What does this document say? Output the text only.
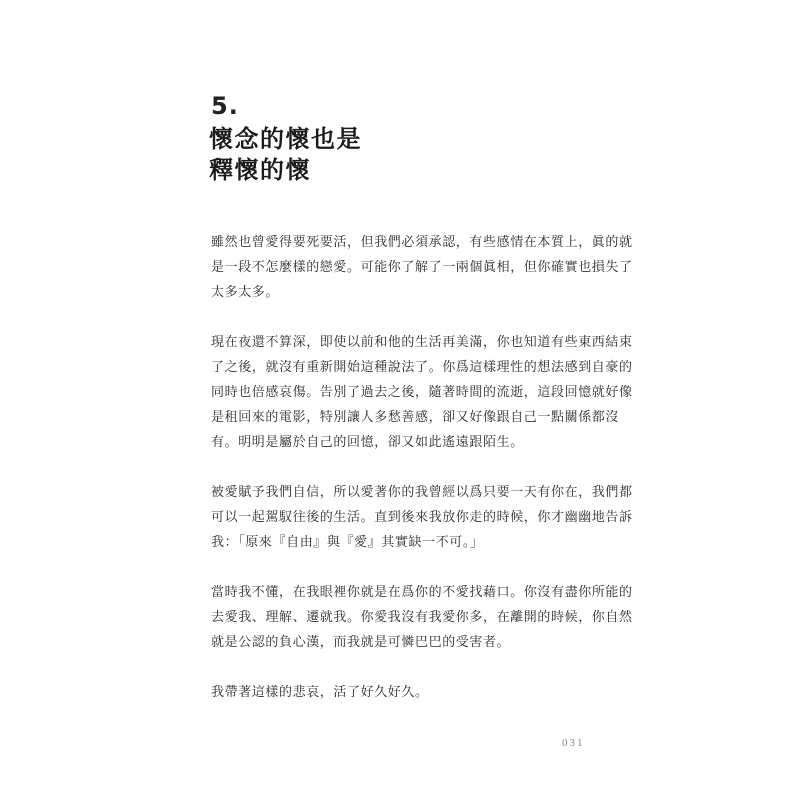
5.
懷念的懷也是
釋懷的懷
雖然也曾愛得要死要活，但我們必須承認，有些感情在本質上，眞的就
是一段不怎麼樣的戀愛。可能你了解了一兩個眞相，但你確實也損失了
太多太多。
現在夜還不算深，即使以前和他的生活再美滿，你也知道有些東西結束
了之後，就沒有重新開始這種說法了。你爲這樣理性的想法感到自豪的
同時也倍感哀傷。告別了過去之後，隨著時間的流逝，這段回憶就好像
是租回來的電影，特別讓人多愁善感，卻又好像跟自己一點關係都沒
有。明明是屬於自己的回憶，卻又如此遙遠跟陌生。
被愛賦予我們自信，所以愛著你的我曾經以爲只要一天有你在，我們都
可以一起駕馭往後的生活。直到後來我放你走的時候，你才幽幽地告訴
我：「原來『自由』與『愛』其實缺一不可。」
當時我不懂，在我眼裡你就是在爲你的不愛找藉口。你沒有盡你所能的
去愛我、理解、遷就我。你愛我沒有我愛你多，在離開的時候，你自然
就是公認的負心漢，而我就是可憐巴巴的受害者。
我帶著這樣的悲哀，活了好久好久。
031
